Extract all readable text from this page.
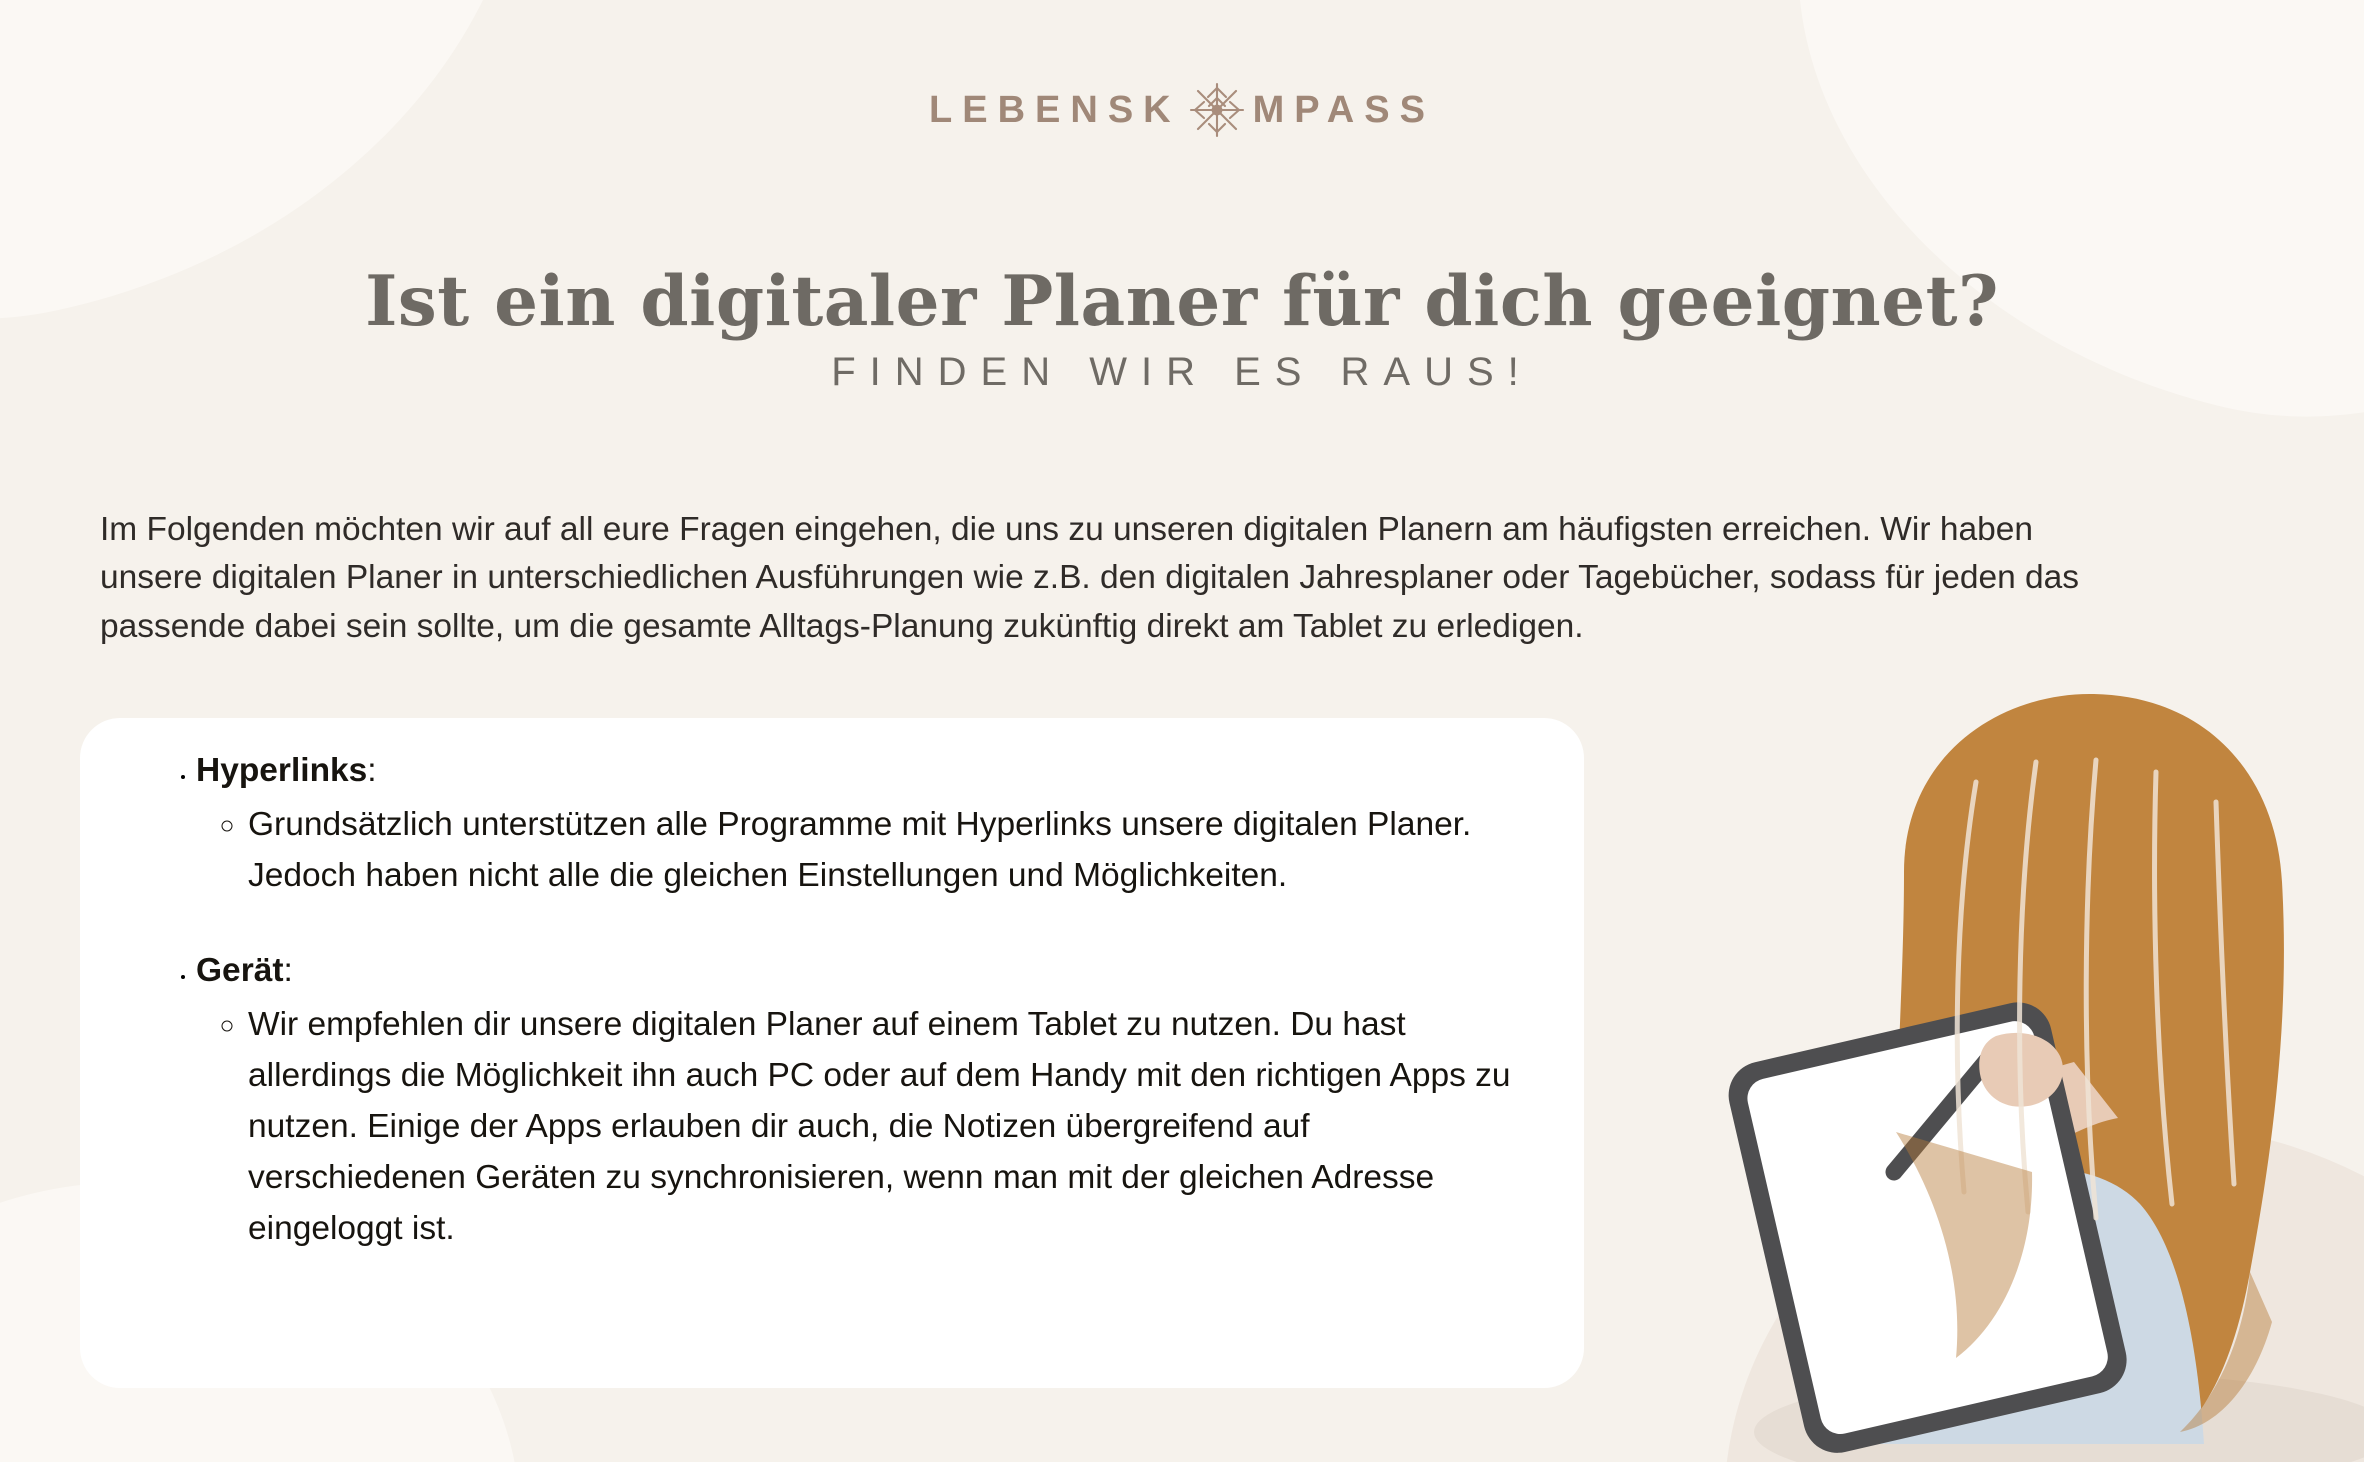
LEBENSK MPASS
Ist ein digitaler Planer für dich geeignet?
FINDEN WIR ES RAUS!

Im Folgenden möchten wir auf all eure Fragen eingehen, die uns zu unseren digitalen Planern am häufigsten erreichen. Wir haben unsere digitalen Planer in unterschiedlichen Ausführungen wie z.B. den digitalen Jahresplaner oder Tagebücher, sodass für jeden das passende dabei sein sollte, um die gesamte Alltags-Planung zukünftig direkt am Tablet zu erledigen.

• Hyperlinks:
◦ Grundsätzlich unterstützen alle Programme mit Hyperlinks unsere digitalen Planer. Jedoch haben nicht alle die gleichen Einstellungen und Möglichkeiten.
• Gerät:
◦ Wir empfehlen dir unsere digitalen Planer auf einem Tablet zu nutzen. Du hast allerdings die Möglichkeit ihn auch PC oder auf dem Handy mit den richtigen Apps zu nutzen. Einige der Apps erlauben dir auch, die Notizen übergreifend auf verschiedenen Geräten zu synchronisieren, wenn man mit der gleichen Adresse eingeloggt ist.
